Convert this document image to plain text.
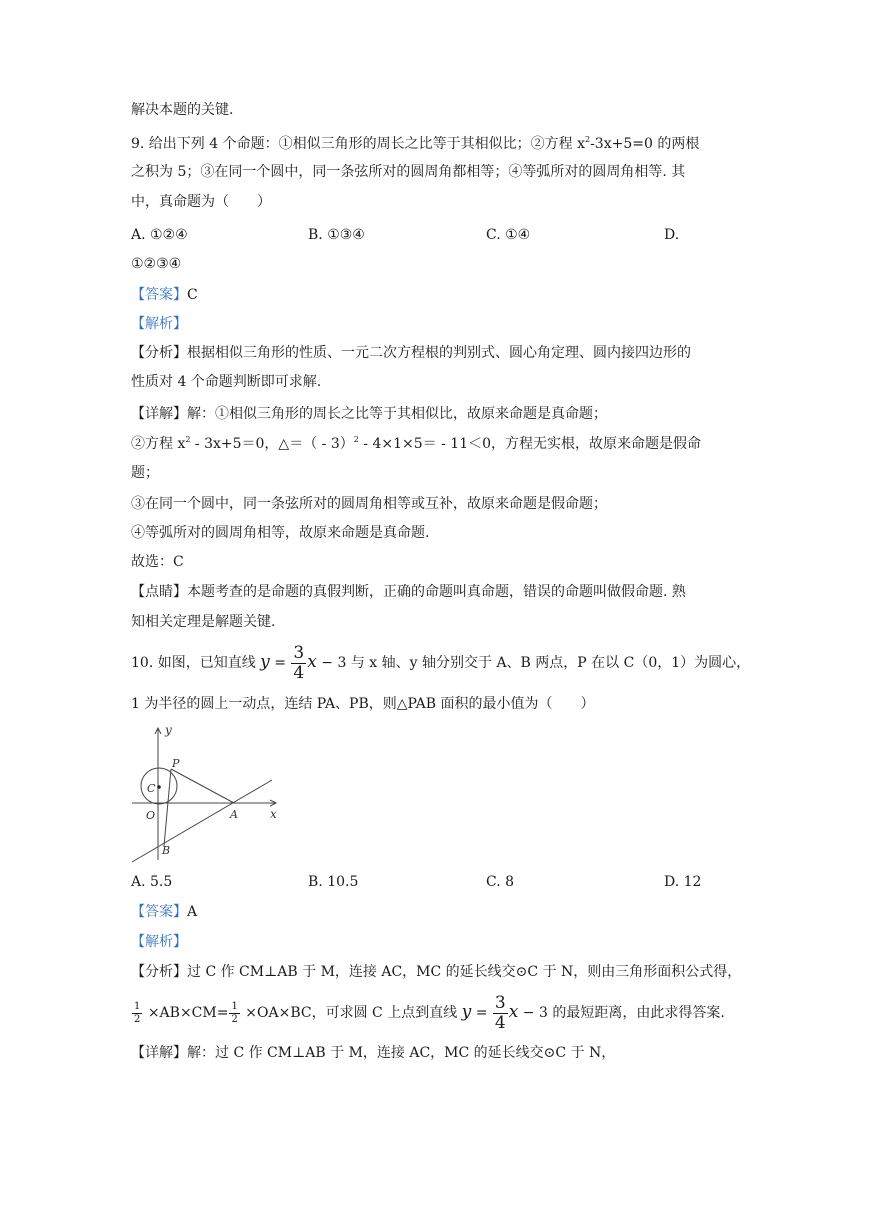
解决本题的关键.
9. 给出下列 4 个命题：①相似三角形的周长之比等于其相似比；②方程 $x^2-3x+5=0$ 的两根
之积为 5；③在同一个圆中，同一条弦所对的圆周角都相等；④等弧所对的圆周角相等. 其
中，真命题为（　　）
A. ①②④	B. ①③④	C. ①④	D.
①②③④
【答案】C
【解析】
【分析】根据相似三角形的性质、一元二次方程根的判别式、圆心角定理、圆内接四边形的
性质对 4 个命题判断即可求解.
【详解】解：①相似三角形的周长之比等于其相似比，故原来命题是真命题；
②方程 $x^2 - 3x+5=0$，△＝（ - 3）$^2$ - 4×1×5＝ - 11＜0，方程无实根，故原来命题是假命
题；
③在同一个圆中，同一条弦所对的圆周角相等或互补，故原来命题是假命题；
④等弧所对的圆周角相等，故原来命题是真命题.
故选：C
【点睛】本题考查的是命题的真假判断，正确的命题叫真命题，错误的命题叫做假命题. 熟
知相关定理是解题关键.
10. 如图，已知直线 $y = \frac{3}{4}$ x − 3 与 x 轴、y 轴分别交于 A、B 两点，P 在以 C（0，1）为圆心，
1 为半径的圆上一动点，连结 PA、PB，则△PAB 面积的最小值为（　　）
y
x
O	A
B
C
P
A. 5.5	B. 10.5	C. 8	D. 12
【答案】A
【解析】
【分析】过 C 作 CM⊥AB 于 M，连接 AC，MC 的延长线交⊙C 于 N，则由三角形面积公式得，
$\frac{1}{2} \times AB\times CM= \frac{1}{2} \times OA\times BC$，可求圆 C 上点到直线 $y = \frac{3}{4}$ x − 3 的最短距离，由此求得答案.
【详解】解：过 C 作 CM⊥AB 于 M，连接 AC，MC 的延长线交⊙C 于 N，
